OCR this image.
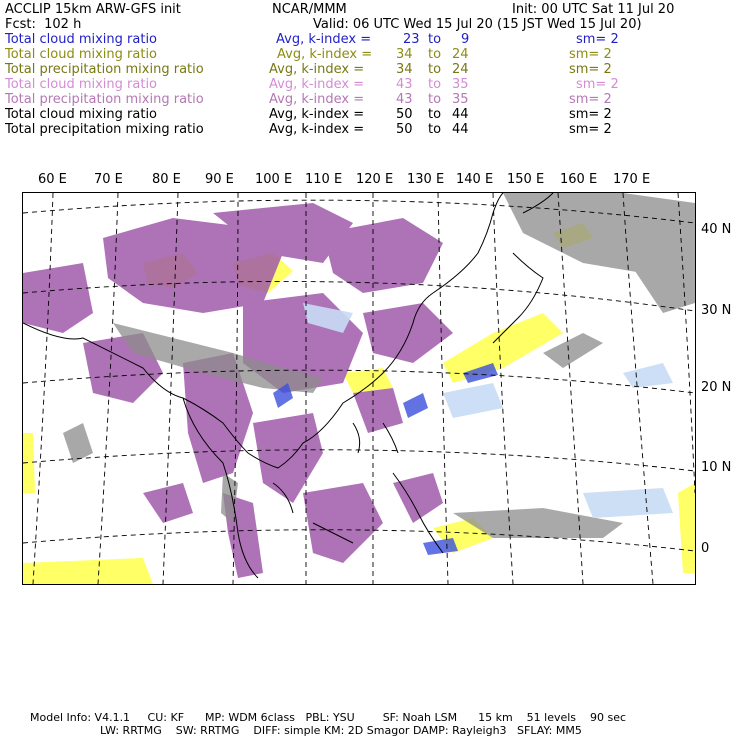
ACCLIP 15km ARW-GFS init	NCAR/MMM	Init: 00 UTC Sat 11 Jul 20
Fcst:  102 h	Valid: 06 UTC Wed 15 Jul 20 (15 JST Wed 15 Jul 20)
Total cloud mixing ratio	Avg, k-index = 23 to 9	sm= 2
Total cloud mixing ratio	Avg, k-index = 34 to 24	sm= 2
Total precipitation mixing ratio	Avg, k-index = 34 to 24	sm= 2
Total cloud mixing ratio	Avg, k-index = 43 to 35	sm= 2
Total precipitation mixing ratio	Avg, k-index = 43 to 35	sm= 2
Total cloud mixing ratio	Avg, k-index = 50 to 44	sm= 2
Total precipitation mixing ratio	Avg, k-index = 50 to 44	sm= 2
60 E 70 E 80 E 90 E 100 E 110 E 120 E 130 E 140 E 150 E 160 E 170 E
40 N
30 N
20 N
10 N
0
Model Info: V4.1.1     CU: KF      MP: WDM 6class   PBL: YSU        SF: Noah LSM      15 km    51 levels    90 sec
LW: RRTMG    SW: RRTMG    DIFF: simple KM: 2D Smagor DAMP: Rayleigh3   SFLAY: MM5
